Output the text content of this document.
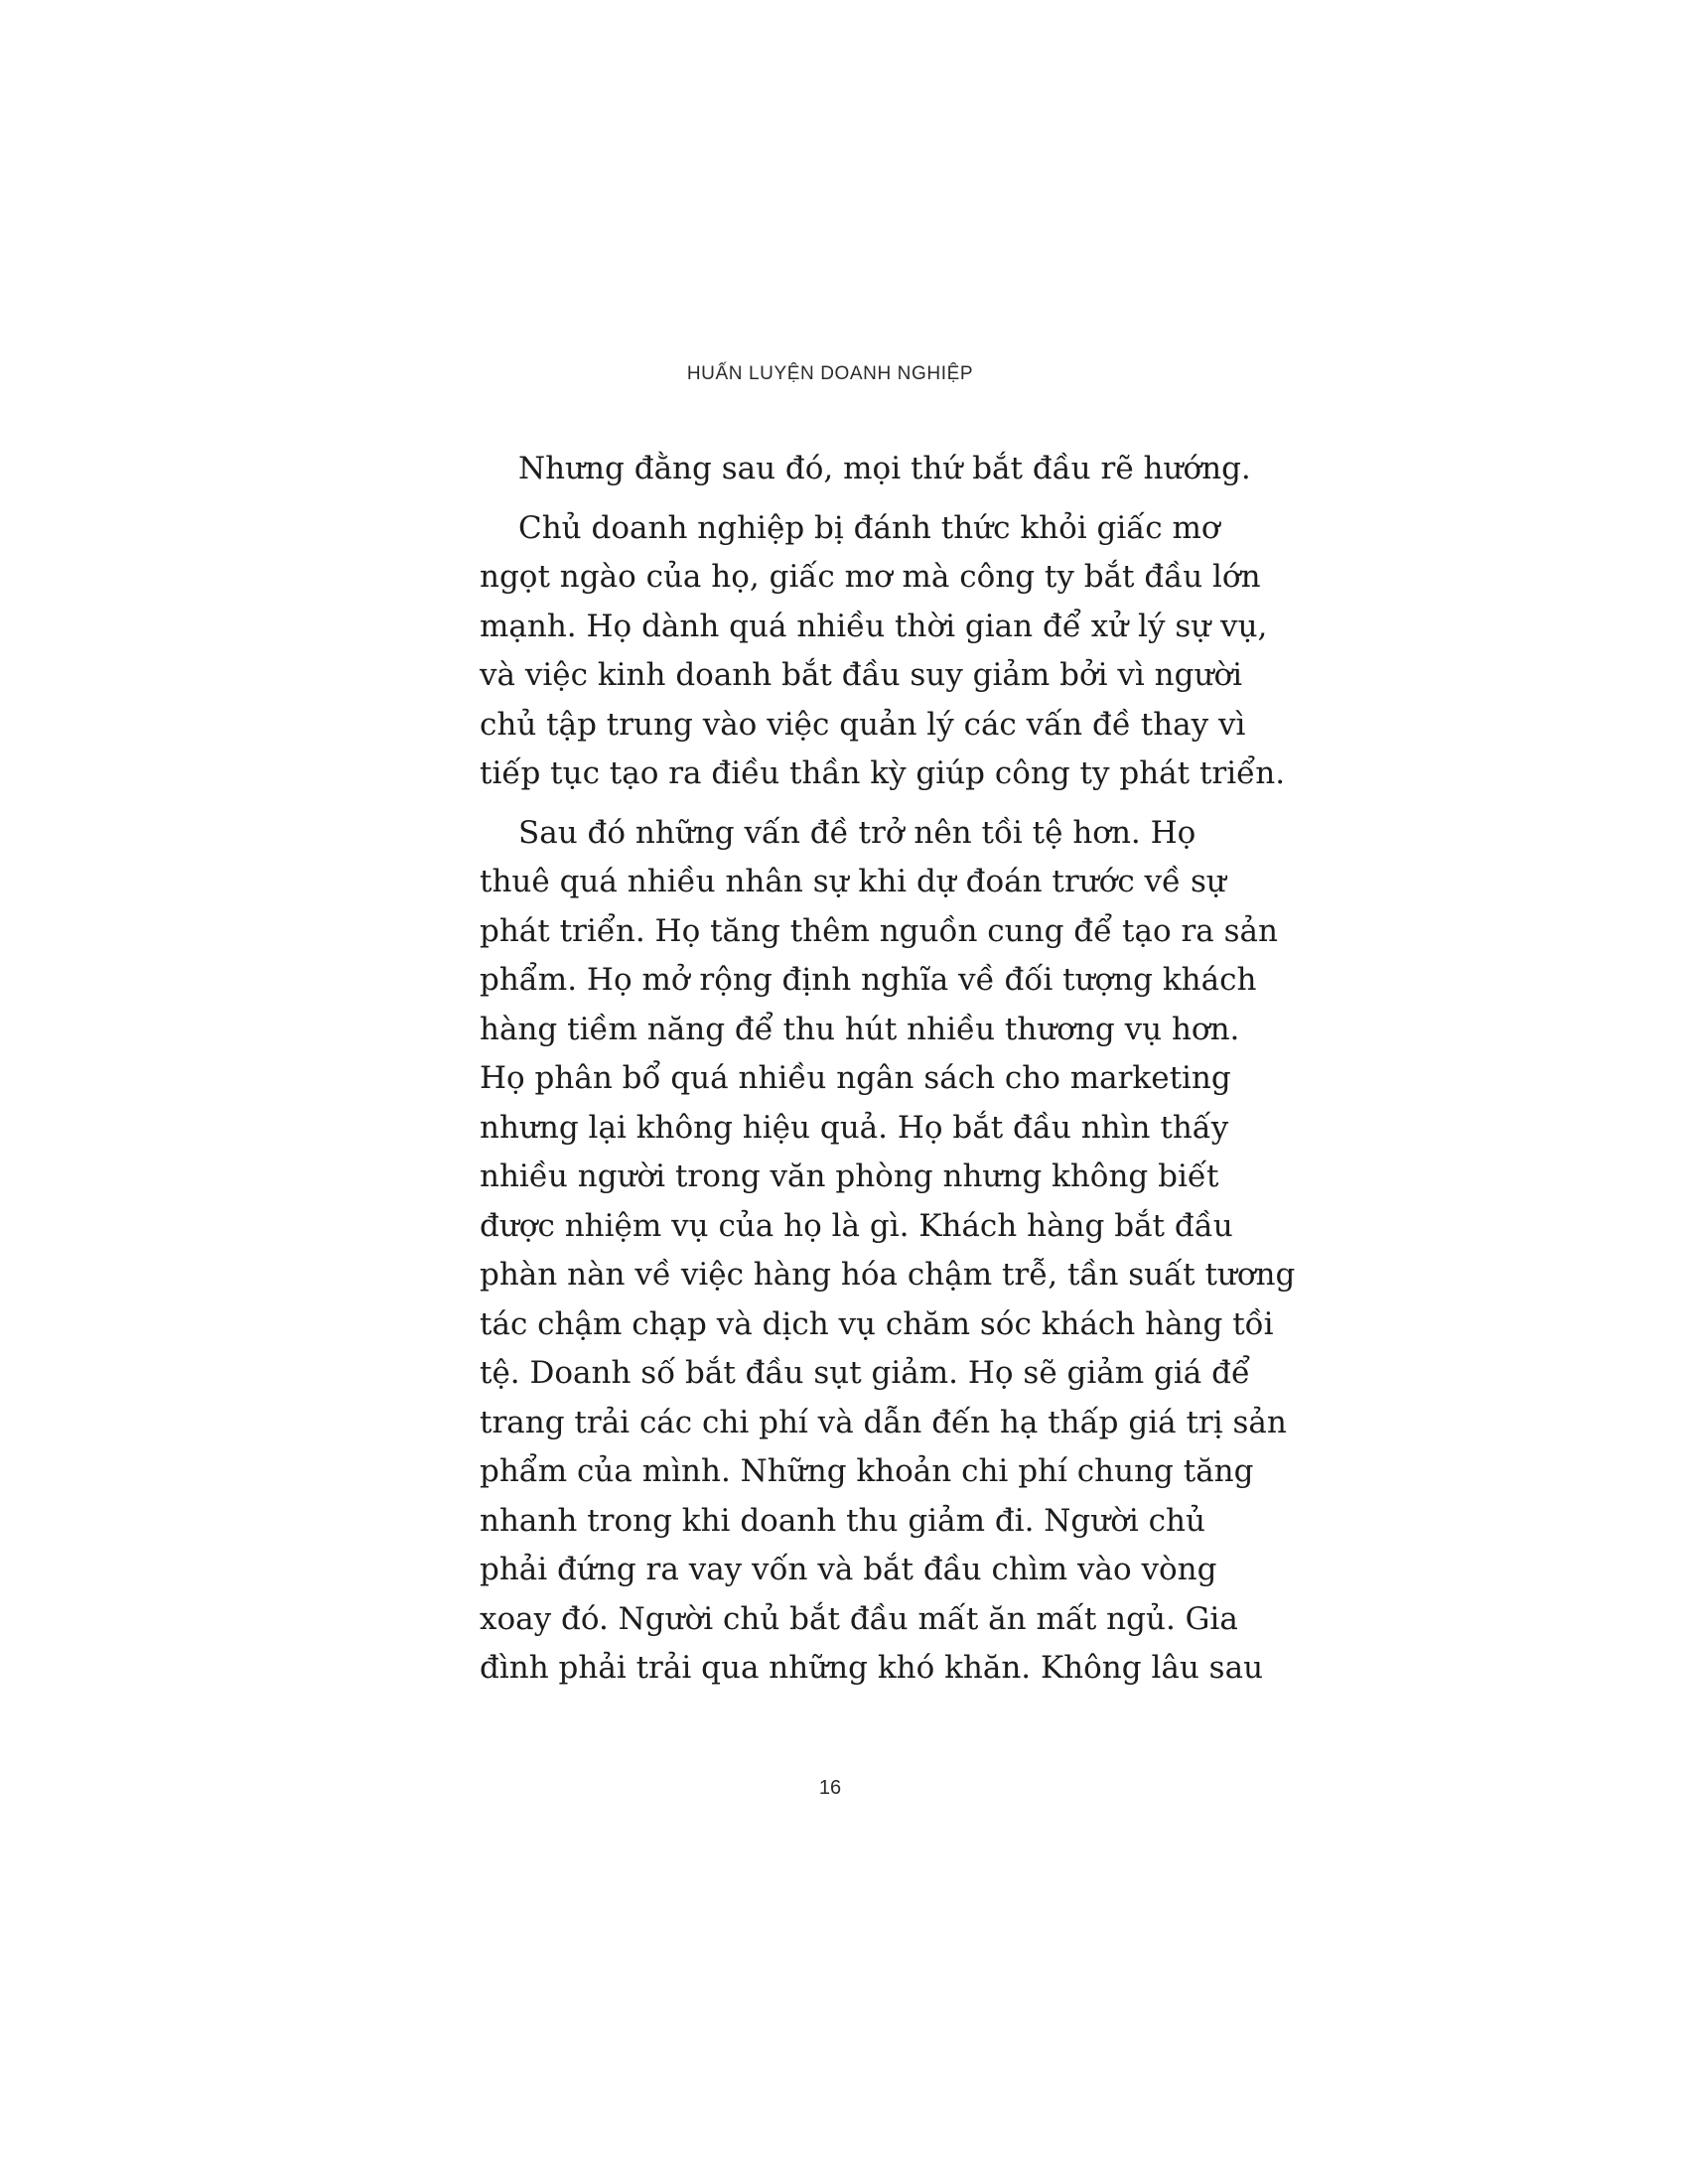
HUẤN LUYỆN DOANH NGHIỆP
Nhưng đằng sau đó, mọi thứ bắt đầu rẽ hướng.
Chủ doanh nghiệp bị đánh thức khỏi giấc mơ
ngọt ngào của họ, giấc mơ mà công ty bắt đầu lớn
mạnh. Họ dành quá nhiều thời gian để xử lý sự vụ,
và việc kinh doanh bắt đầu suy giảm bởi vì người
chủ tập trung vào việc quản lý các vấn đề thay vì
tiếp tục tạo ra điều thần kỳ giúp công ty phát triển.
Sau đó những vấn đề trở nên tồi tệ hơn. Họ
thuê quá nhiều nhân sự khi dự đoán trước về sự
phát triển. Họ tăng thêm nguồn cung để tạo ra sản
phẩm. Họ mở rộng định nghĩa về đối tượng khách
hàng tiềm năng để thu hút nhiều thương vụ hơn.
Họ phân bổ quá nhiều ngân sách cho marketing
nhưng lại không hiệu quả. Họ bắt đầu nhìn thấy
nhiều người trong văn phòng nhưng không biết
được nhiệm vụ của họ là gì. Khách hàng bắt đầu
phàn nàn về việc hàng hóa chậm trễ, tần suất tương
tác chậm chạp và dịch vụ chăm sóc khách hàng tồi
tệ. Doanh số bắt đầu sụt giảm. Họ sẽ giảm giá để
trang trải các chi phí và dẫn đến hạ thấp giá trị sản
phẩm của mình. Những khoản chi phí chung tăng
nhanh trong khi doanh thu giảm đi. Người chủ
phải đứng ra vay vốn và bắt đầu chìm vào vòng
xoay đó. Người chủ bắt đầu mất ăn mất ngủ. Gia
đình phải trải qua những khó khăn. Không lâu sau
16
